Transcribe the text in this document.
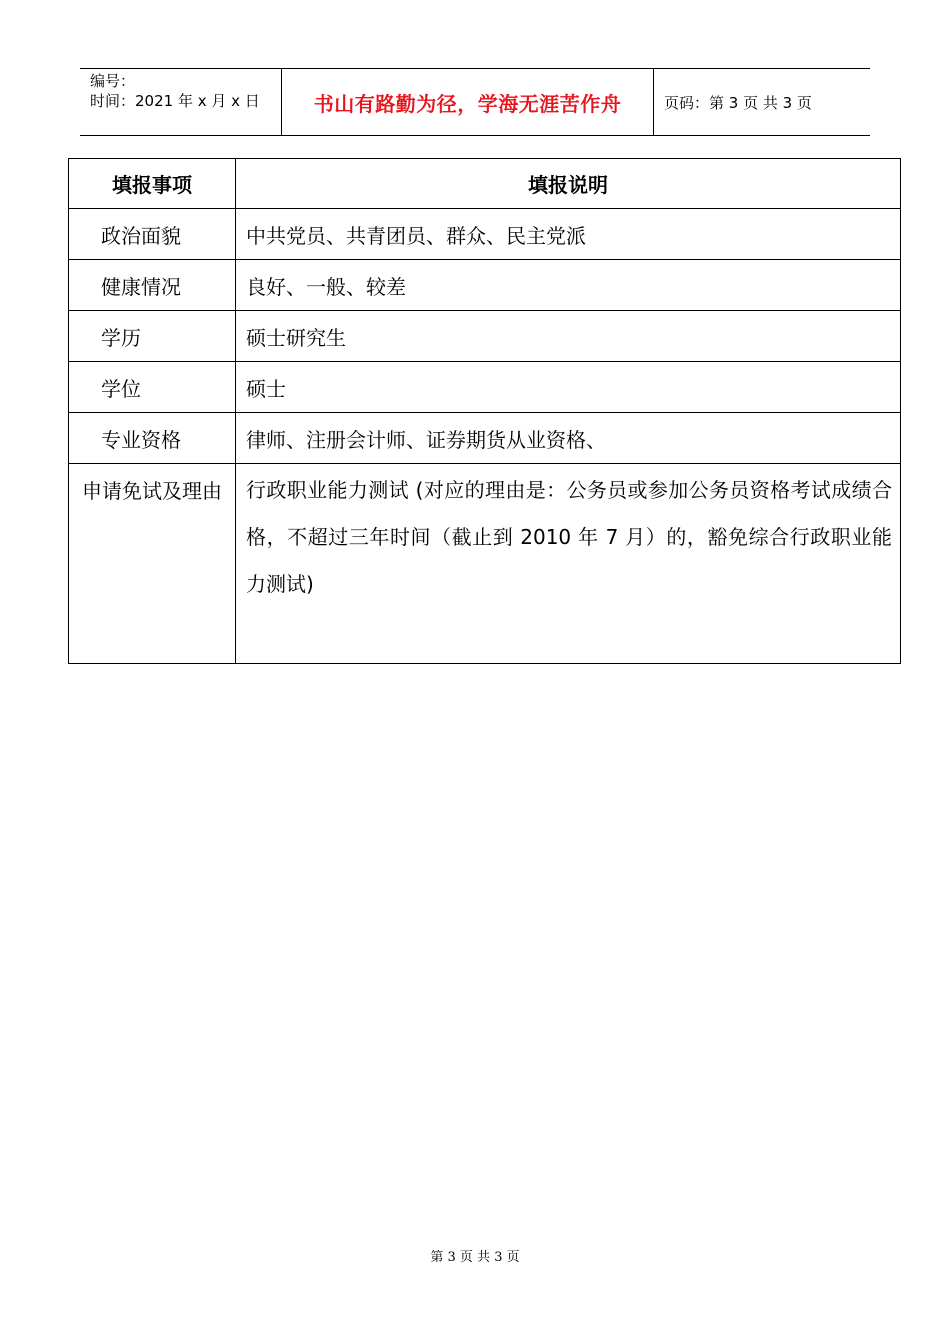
编号：
时间：2021 年 x 月 x 日	书山有路勤为径，学海无涯苦作舟	页码：第 3 页 共 3 页
填报事项	填报说明
政治面貌	中共党员、共青团员、群众、民主党派
健康情况	良好、一般、较差
学历	硕士研究生
学位	硕士
专业资格	律师、注册会计师、证券期货从业资格、
申请免试及理由	行政职业能力测试 (对应的理由是：公务员或参加公务员资格考试成绩合格，不超过三年时间（截止到 2010 年 7 月）的，豁免综合行政职业能力测试)
第 3 页 共 3 页
